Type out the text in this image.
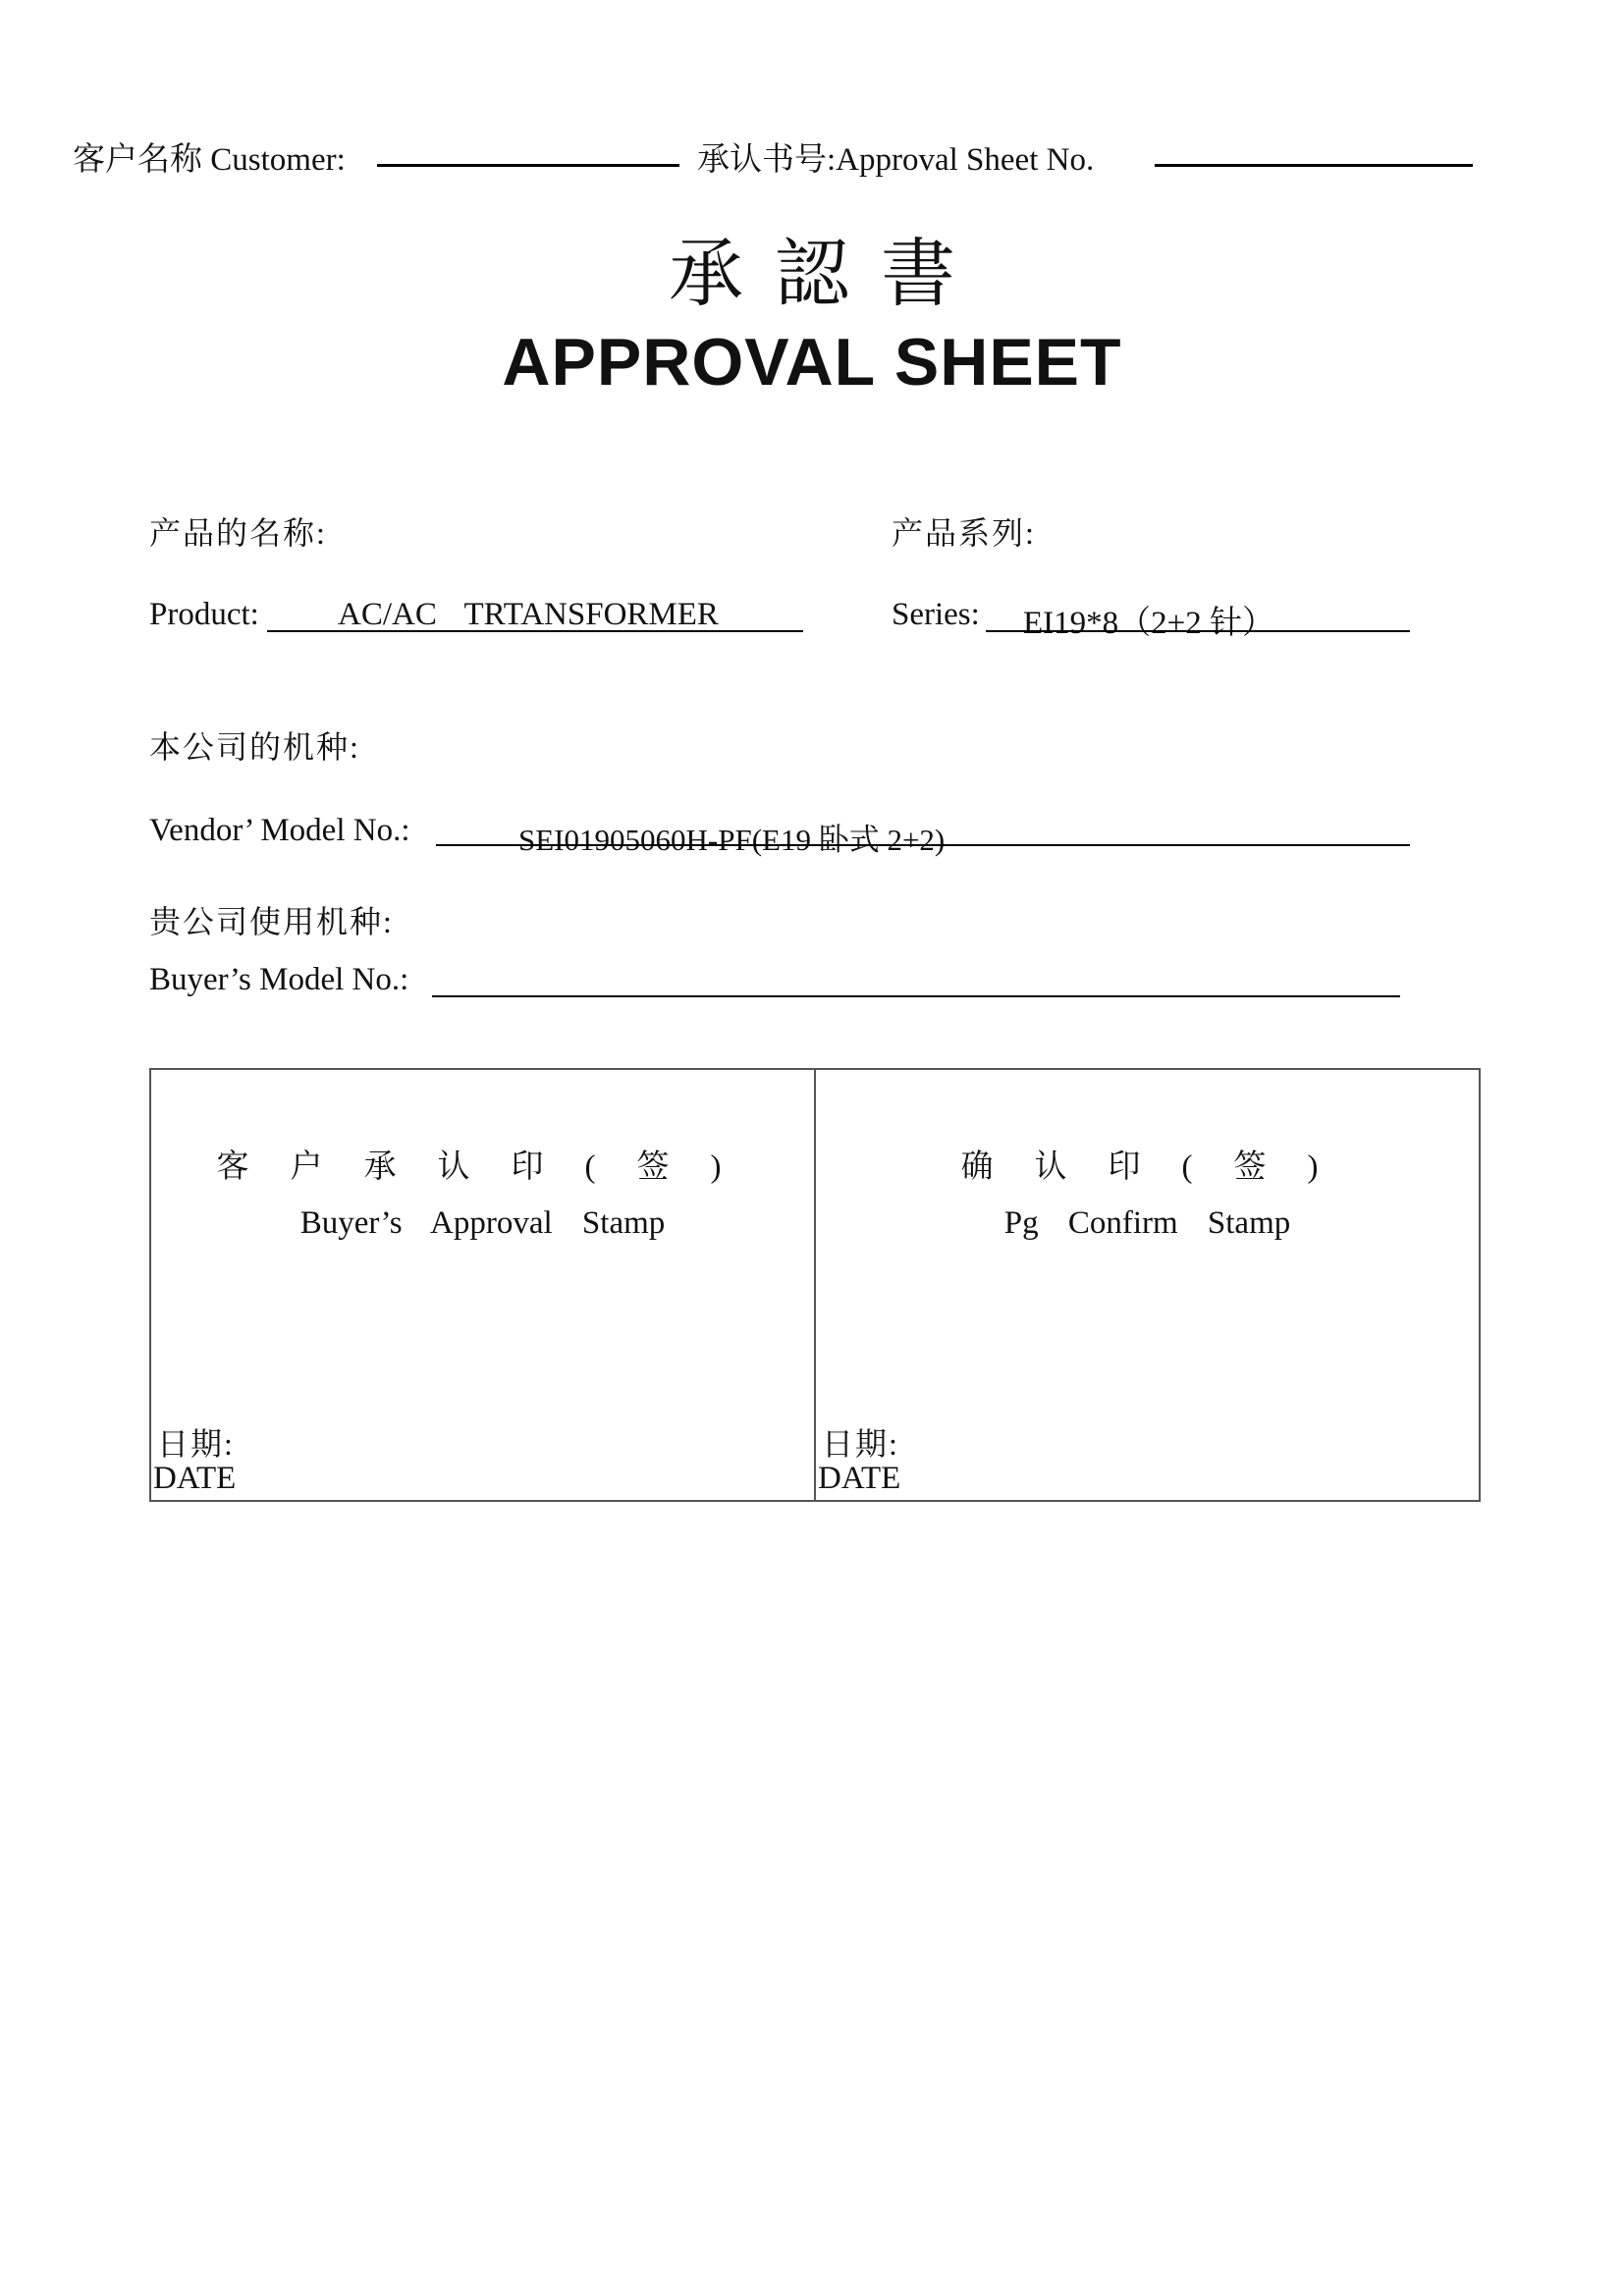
客户名称 Customer:	承认书号:Approval Sheet No.
承認書
APPROVAL SHEET
产品的名称:	产品系列:
Product: AC/AC TRTANSFORMER	Series: EI19*8（2+2 针）
本公司的机种:
Vendor’ Model No.:	SEI01905060H-PF(E19 卧式 2+2)
贵公司使用机种:
Buyer’s Model No.:
客户承认印(签)
Buyer’s Approval Stamp
日期:
DATE
确认印(签)
Pg Confirm Stamp
日期:
DATE
